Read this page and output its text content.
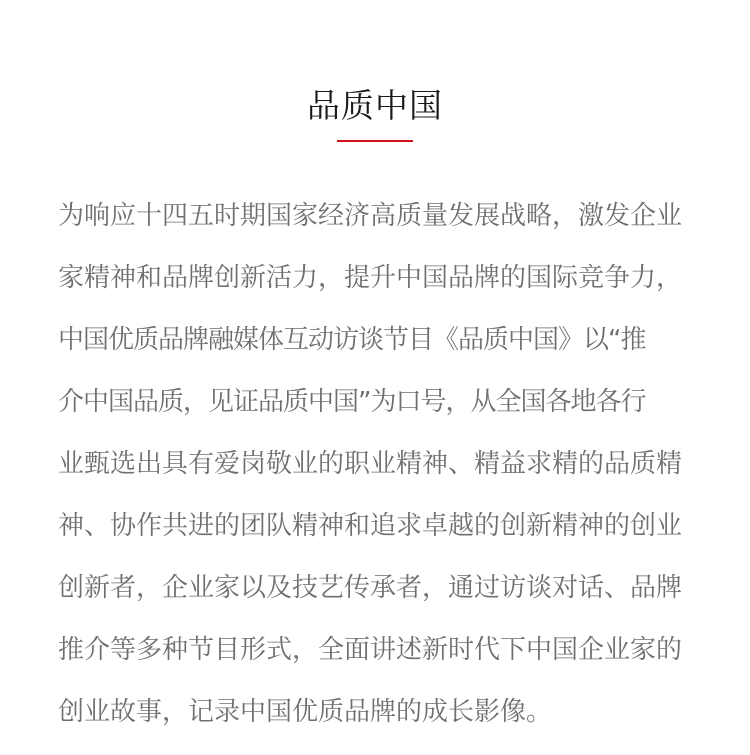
品质中国
为响应十四五时期国家经济高质量发展战略，激发企业
家精神和品牌创新活力，提升中国品牌的国际竞争力，
中国优质品牌融媒体互动访谈节目《品质中国》以“推
介中国品质，见证品质中国”为口号，从全国各地各行
业甄选出具有爱岗敬业的职业精神、精益求精的品质精
神、协作共进的团队精神和追求卓越的创新精神的创业
创新者，企业家以及技艺传承者，通过访谈对话、品牌
推介等多种节目形式，全面讲述新时代下中国企业家的
创业故事，记录中国优质品牌的成长影像。
